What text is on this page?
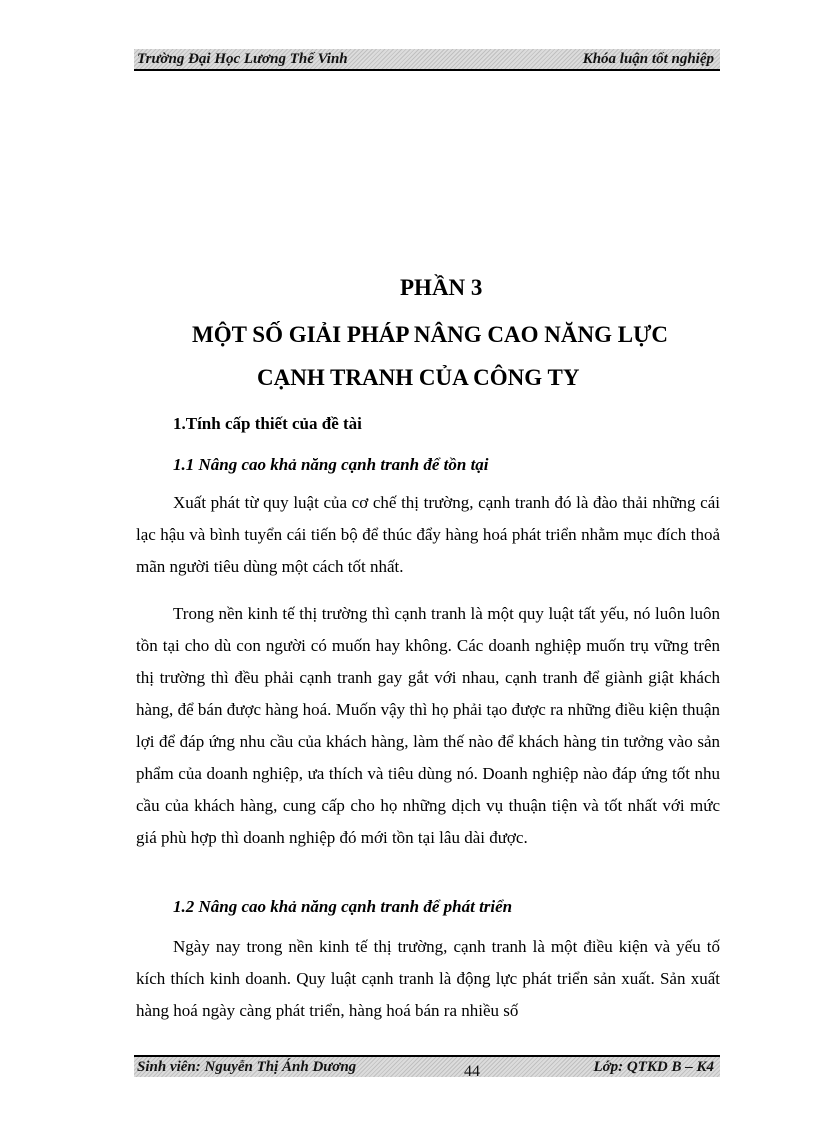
Trường Đại Học Lương Thế Vinh	Khóa luận tốt nghiệp
PHẦN 3
MỘT SỐ GIẢI PHÁP NÂNG CAO NĂNG LỰC
CẠNH TRANH CỦA CÔNG TY
1.Tính cấp thiết của đề tài
1.1 Nâng cao khả năng cạnh tranh để tồn tại

Xuất phát từ quy luật của cơ chế thị trường, cạnh tranh đó là đào thải những cái lạc hậu và bình tuyển cái tiến bộ để thúc đẩy hàng hoá phát triển nhằm mục đích thoả mãn người tiêu dùng một cách tốt nhất.

Trong nền kinh tế thị trường thì cạnh tranh là một quy luật tất yếu, nó luôn luôn tồn tại cho dù con người có muốn hay không. Các doanh nghiệp muốn trụ vững trên thị trường thì đều phải cạnh tranh gay gắt với nhau, cạnh tranh để giành giật khách hàng, để bán được hàng hoá. Muốn vậy thì họ phải tạo được ra những điều kiện thuận lợi để đáp ứng nhu cầu của khách hàng, làm thế nào để khách hàng tin tưởng vào sản phẩm của doanh nghiệp, ưa thích và tiêu dùng nó. Doanh nghiệp nào đáp ứng tốt nhu cầu của khách hàng, cung cấp cho họ những dịch vụ thuận tiện và tốt nhất với mức giá phù hợp thì doanh nghiệp đó mới tồn tại lâu dài được.

1.2 Nâng cao khả năng cạnh tranh để phát triển

Ngày nay trong nền kinh tế thị trường, cạnh tranh là một điều kiện và yếu tố kích thích kinh doanh. Quy luật cạnh tranh là động lực phát triển sản xuất. Sản xuất hàng hoá ngày càng phát triển, hàng hoá bán ra nhiều số

Sinh viên: Nguyễn Thị Ánh Dương	44	Lớp: QTKD B – K4
